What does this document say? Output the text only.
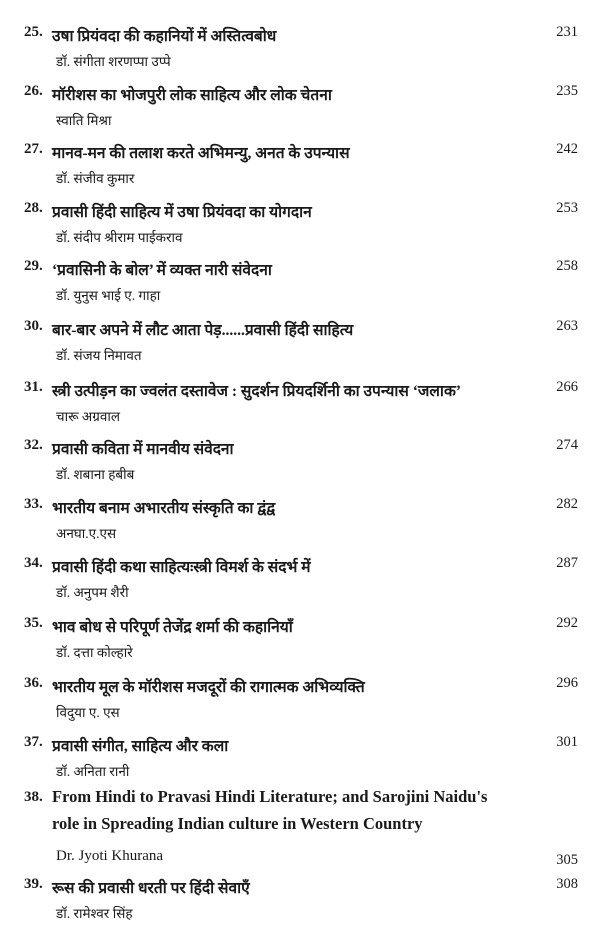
25. उषा प्रियंवदा की कहानियों में अस्तित्वबोध
डॉ. संगीता शरणप्पा उप्पे
231
26. मॉरीशस का भोजपुरी लोक साहित्य और लोक चेतना
स्वाति मिश्रा
235
27. मानव-मन की तलाश करते अभिमन्यु, अनत के उपन्यास
डॉ. संजीव कुमार
242
28. प्रवासी हिंदी साहित्य में उषा प्रियंवदा का योगदान
डॉ. संदीप श्रीराम पाईकराव
253
29. ‘प्रवासिनी के बोल’ में व्यक्त नारी संवेदना
डॉ. युनुस भाई ए. गाहा
258
30. बार-बार अपने में लौट आता पेड़......प्रवासी हिंदी साहित्य
डॉ. संजय निमावत
263
31. स्त्री उत्पीड़न का ज्वलंत दस्तावेज : सुदर्शन प्रियदर्शिनी का उपन्यास ‘जलाक’
चारू अग्रवाल
266
32. प्रवासी कविता में मानवीय संवेदना
डॉ. शबाना हबीब
274
33. भारतीय बनाम अभारतीय संस्कृति का द्वंद्व
अनघा.ए.एस
282
34. प्रवासी हिंदी कथा साहित्यःस्त्री विमर्श के संदर्भ में
डॉ. अनुपम शैरी
287
35. भाव बोध से परिपूर्ण तेजेंद्र शर्मा की कहानियाँ
डॉ. दत्ता कोल्हारे
292
36. भारतीय मूल के मॉरीशस मजदूरों की रागात्मक अभिव्यक्ति
विदुया ए. एस
296
37. प्रवासी संगीत, साहित्य और कला
डॉ. अनिता रानी
301
38. From Hindi to Pravasi Hindi Literature; and Sarojini Naidu's role in Spreading Indian culture in Western Country
Dr. Jyoti Khurana	305
39. रूस की प्रवासी धरती पर हिंदी सेवाएँ
डॉ. रामेश्वर सिंह
308
